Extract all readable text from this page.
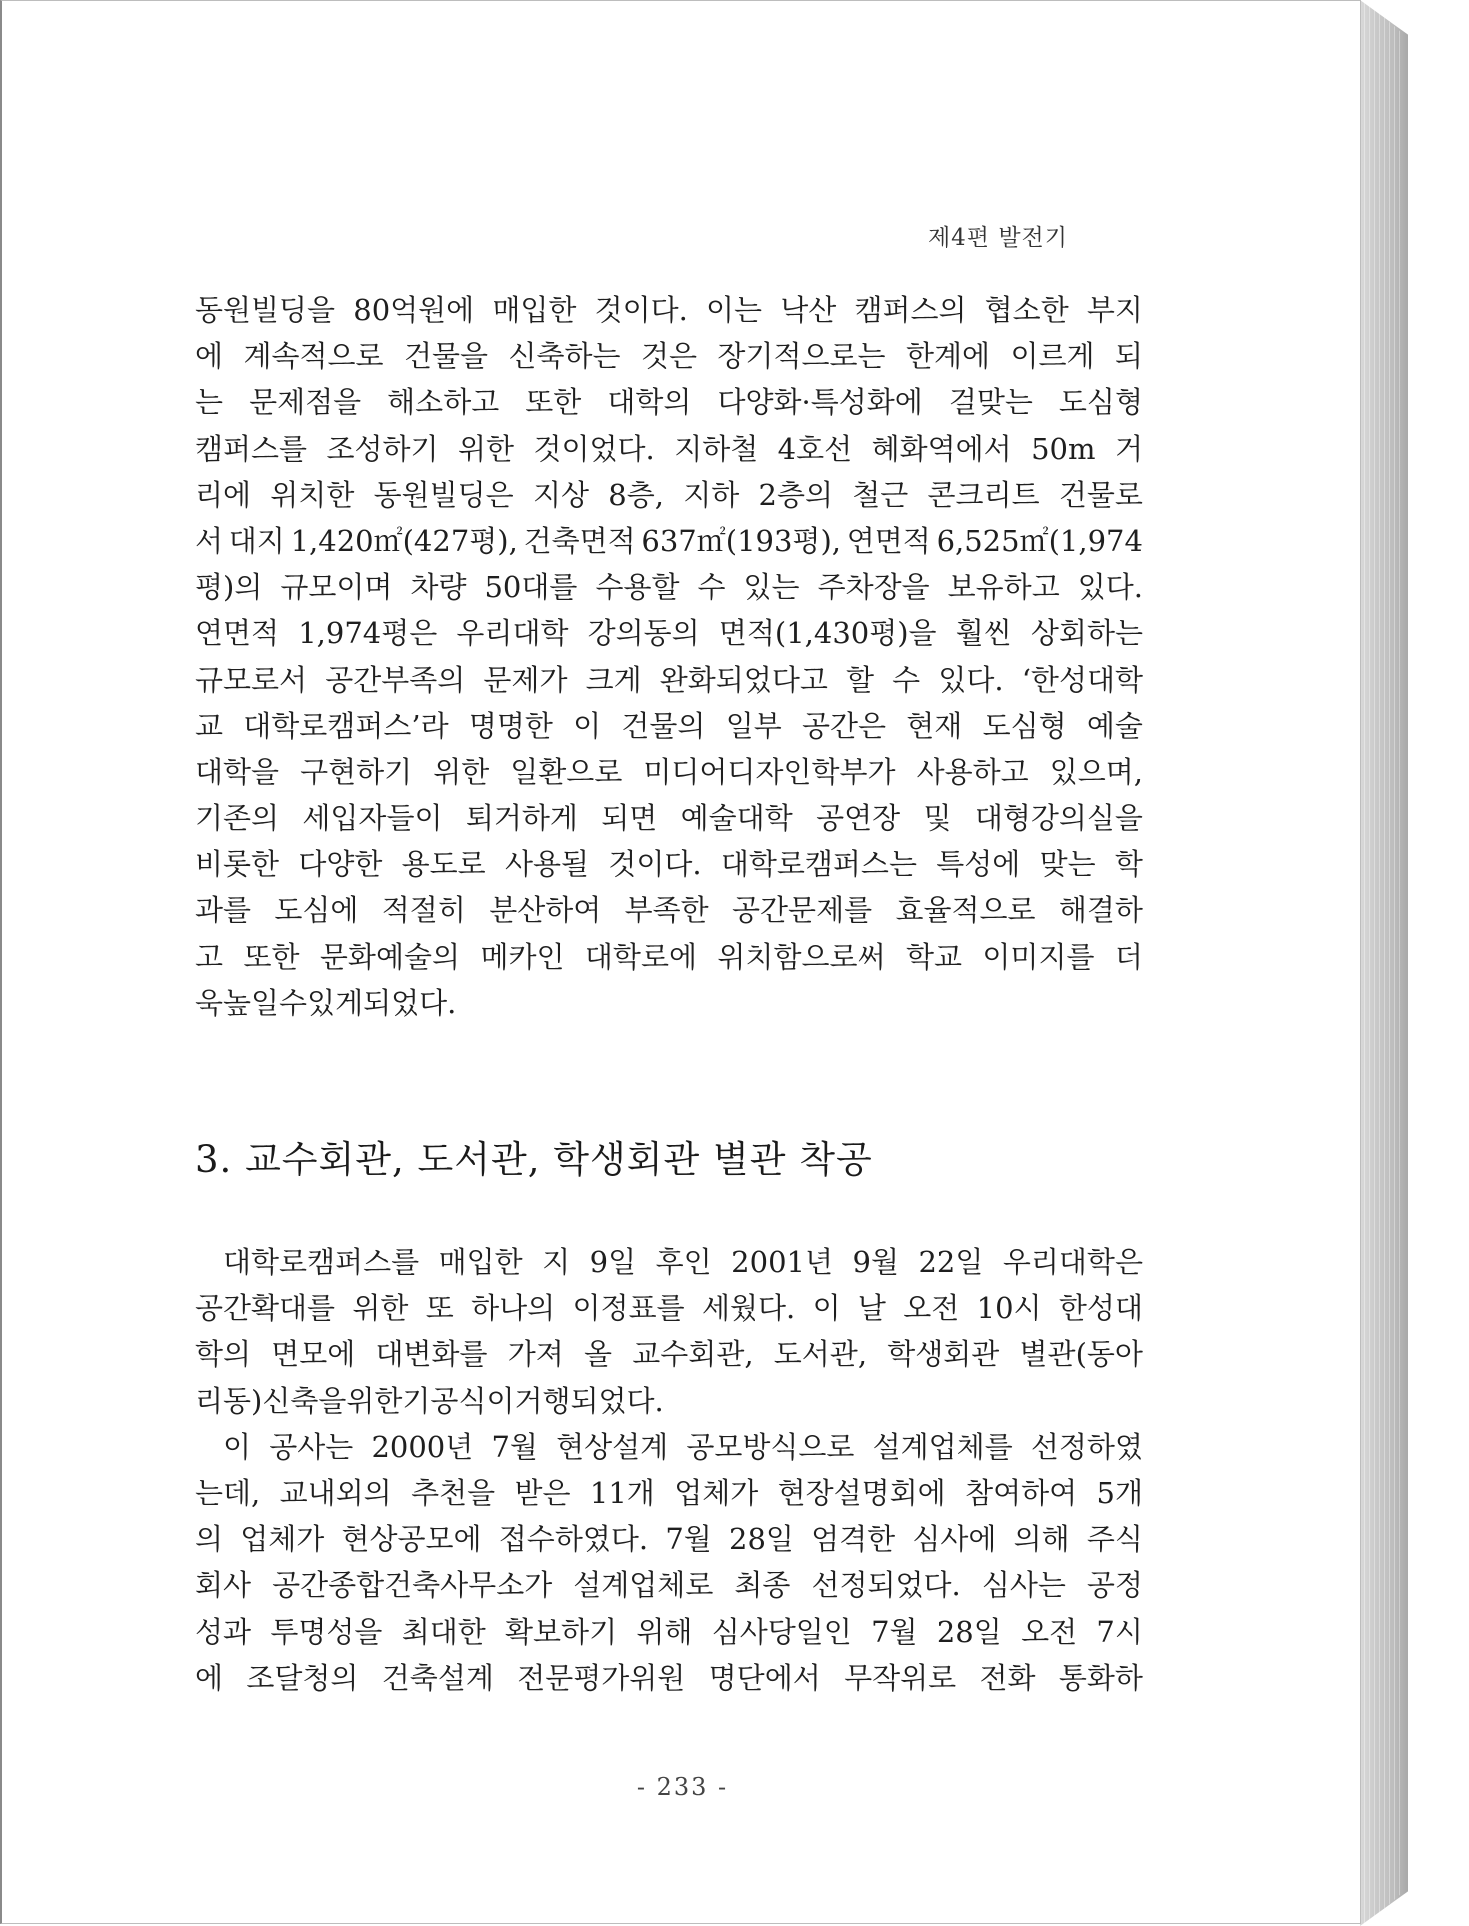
제4편 발전기
동원빌딩을 80억원에 매입한 것이다. 이는 낙산 캠퍼스의 협소한 부지
에 계속적으로 건물을 신축하는 것은 장기적으로는 한계에 이르게 되
는 문제점을 해소하고 또한 대학의 다양화·특성화에 걸맞는 도심형
캠퍼스를 조성하기 위한 것이었다. 지하철 4호선 혜화역에서 50m 거
리에 위치한 동원빌딩은 지상 8층, 지하 2층의 철근 콘크리트 건물로
서 대지 1,420㎡(427평), 건축면적 637㎡(193평), 연면적 6,525㎡(1,974
평)의 규모이며 차량 50대를 수용할 수 있는 주차장을 보유하고 있다.
연면적 1,974평은 우리대학 강의동의 면적(1,430평)을 훨씬 상회하는
규모로서 공간부족의 문제가 크게 완화되었다고 할 수 있다. ‘한성대학
교 대학로캠퍼스’라 명명한 이 건물의 일부 공간은 현재 도심형 예술
대학을 구현하기 위한 일환으로 미디어디자인학부가 사용하고 있으며,
기존의 세입자들이 퇴거하게 되면 예술대학 공연장 및 대형강의실을
비롯한 다양한 용도로 사용될 것이다. 대학로캠퍼스는 특성에 맞는 학
과를 도심에 적절히 분산하여 부족한 공간문제를 효율적으로 해결하
고 또한 문화예술의 메카인 대학로에 위치함으로써 학교 이미지를 더
욱 높일 수 있게 되었다.
3. 교수회관, 도서관, 학생회관 별관 착공
대학로캠퍼스를 매입한 지 9일 후인 2001년 9월 22일 우리대학은
공간확대를 위한 또 하나의 이정표를 세웠다. 이 날 오전 10시 한성대
학의 면모에 대변화를 가져 올 교수회관, 도서관, 학생회관 별관(동아
리동) 신축을 위한 기공식이 거행되었다.
이 공사는 2000년 7월 현상설계 공모방식으로 설계업체를 선정하였
는데, 교내외의 추천을 받은 11개 업체가 현장설명회에 참여하여 5개
의 업체가 현상공모에 접수하였다. 7월 28일 엄격한 심사에 의해 주식
회사 공간종합건축사무소가 설계업체로 최종 선정되었다. 심사는 공정
성과 투명성을 최대한 확보하기 위해 심사당일인 7월 28일 오전 7시
에 조달청의 건축설계 전문평가위원 명단에서 무작위로 전화 통화하
- 233 -
